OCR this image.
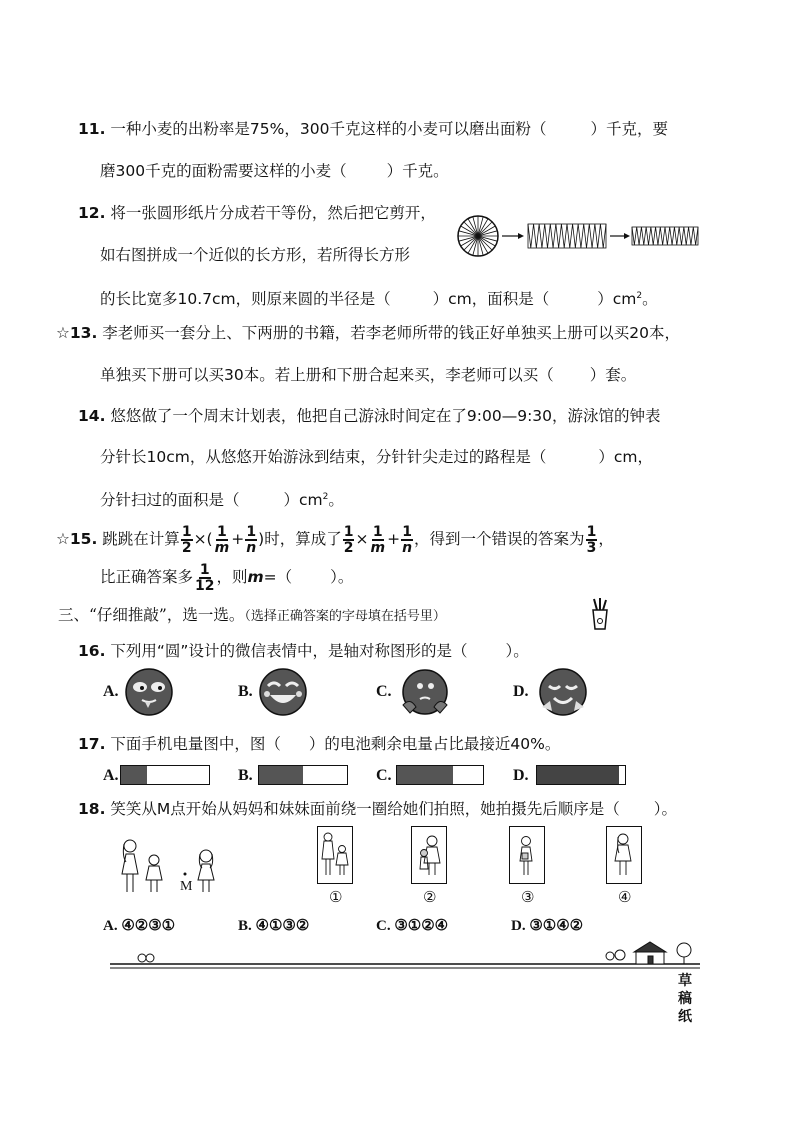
11. 一种小麦的出粉率是75%，300千克这样的小麦可以磨出面粉（	）千克，要
磨300千克的面粉需要这样的小麦（	）千克。
12. 将一张圆形纸片分成若干等份，然后把它剪开，
如右图拼成一个近似的长方形，若所得长方形
的长比宽多10.7cm，则原来圆的半径是（	）cm，面积是（	）$cm^2$。
☆13. 李老师买一套分上、下两册的书籍，若李老师所带的钱正好单独买上册可以买20本，
单独买下册可以买30本。若上册和下册合起来买，李老师可以买（ ）套。
14. 悠悠做了一个周末计划表，他把自己游泳时间定在了9:00—9:30，游泳馆的钟表
分针长10cm，从悠悠开始游泳到结束，分针针尖走过的路程是（	）cm，
分针扫过的面积是（	）$cm^2$。
☆15. 跳跳在计算 $\frac{1}{2}$ ×( $\frac{1}{m} + \frac{1}{n}$ )时，算成了 $\frac{1}{2} \times \frac{1}{m} + \frac{1}{n}$ ，得到一个错误的答案为 $\frac{1}{3}$ ，
比正确答案多 $\frac{1}{12}$ ，则m=（ ）。
三、“仔细推敲”，选一选。（选择正确答案的字母填在括号里）
16. 下列用“圆”设计的微信表情中，是轴对称图形的是（ ）。
A.	B.	C.	D.
17. 下面手机电量图中，图（ ）的电池剩余电量占比最接近40%。
A.	B.	C.	D.
18. 笑笑从M点开始从妈妈和妹妹面前绕一圈给她们拍照，她拍摄先后顺序是（ ）。
M
①	②	③	④
A. ④②③①	B. ④①③②	C. ③①②④	D. ③①④②
草
稿
纸
